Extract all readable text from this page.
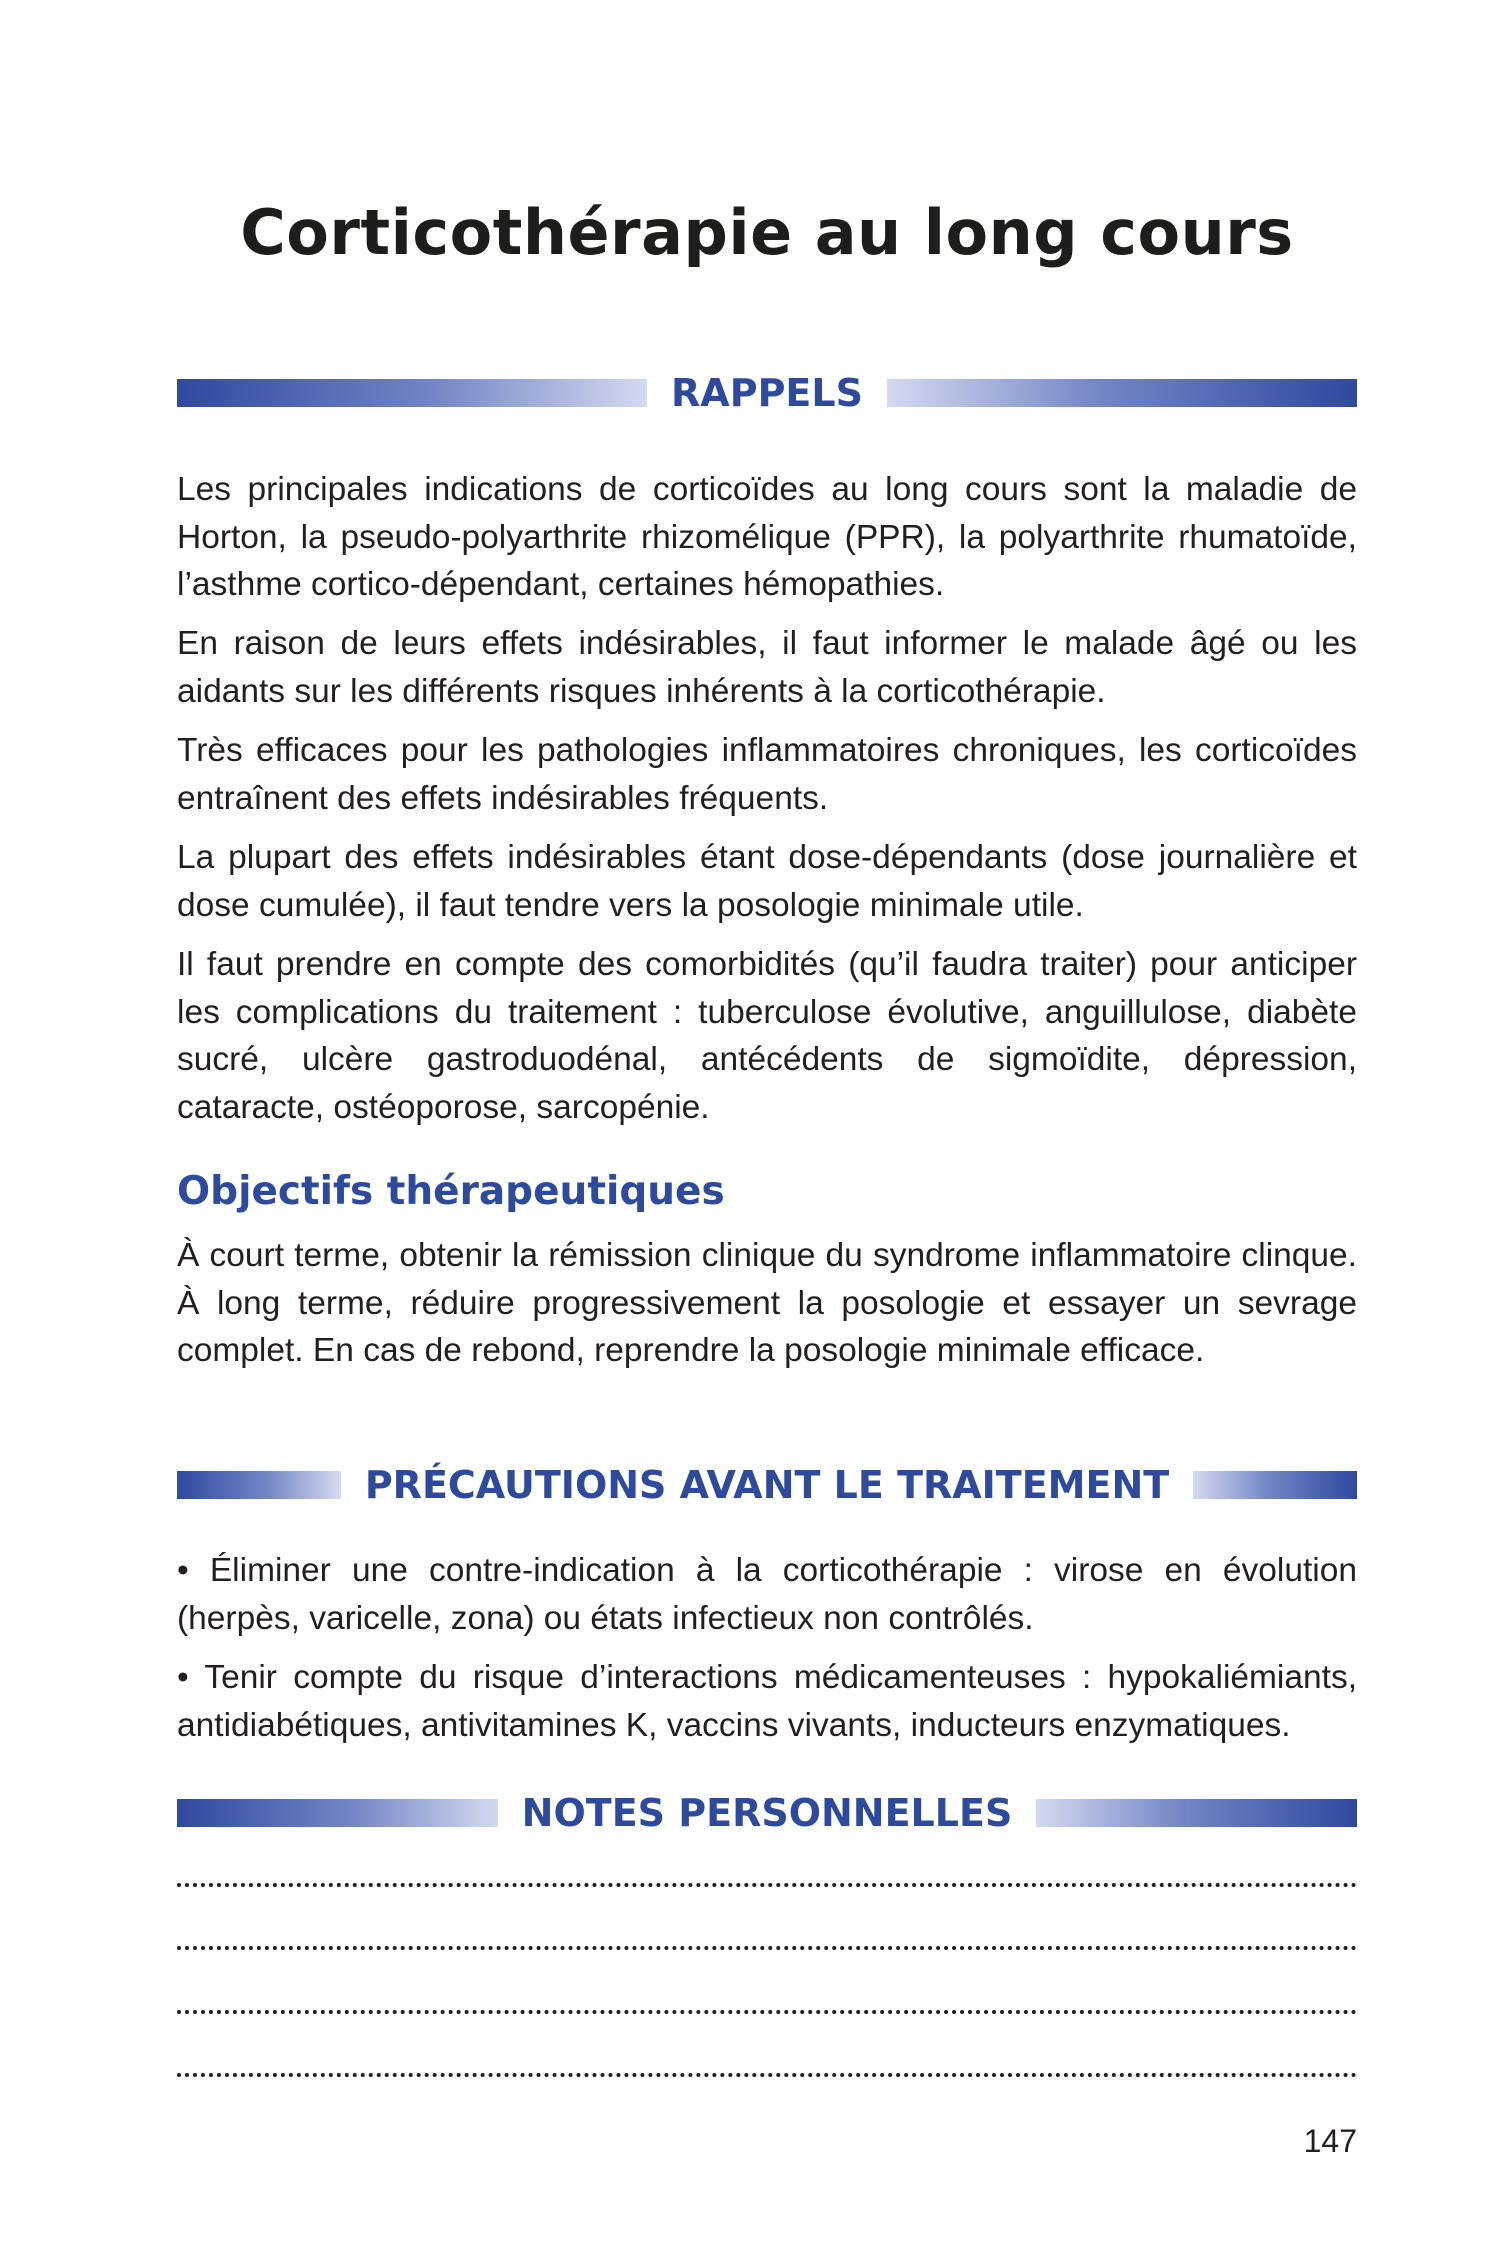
Corticothérapie au long cours
RAPPELS

Les principales indications de corticoïdes au long cours sont la maladie de Horton, la pseudo-polyarthrite rhizomélique (PPR), la polyarthrite rhumatoïde, l’asthme cortico-dépendant, certaines hémopathies.

En raison de leurs effets indésirables, il faut informer le malade âgé ou les aidants sur les différents risques inhérents à la corticothérapie.

Très efficaces pour les pathologies inflammatoires chroniques, les corticoïdes entraînent des effets indésirables fréquents.

La plupart des effets indésirables étant dose-dépendants (dose journalière et dose cumulée), il faut tendre vers la posologie minimale utile.

Il faut prendre en compte des comorbidités (qu’il faudra traiter) pour anticiper les complications du traitement : tuberculose évolutive, anguillulose, diabète sucré, ulcère gastroduodénal, antécédents de sigmoïdite, dépression, cataracte, ostéoporose, sarcopénie.

Objectifs thérapeutiques

À court terme, obtenir la rémission clinique du syndrome inflammatoire clinque. À long terme, réduire progressivement la posologie et essayer un sevrage complet. En cas de rebond, reprendre la posologie minimale efficace.

PRÉCAUTIONS AVANT LE TRAITEMENT

• Éliminer une contre-indication à la corticothérapie : virose en évolution (herpès, varicelle, zona) ou états infectieux non contrôlés.

• Tenir compte du risque d’interactions médicamenteuses : hypokaliémiants, antidiabétiques, antivitamines K, vaccins vivants, inducteurs enzymatiques.

NOTES PERSONNELLES
147
